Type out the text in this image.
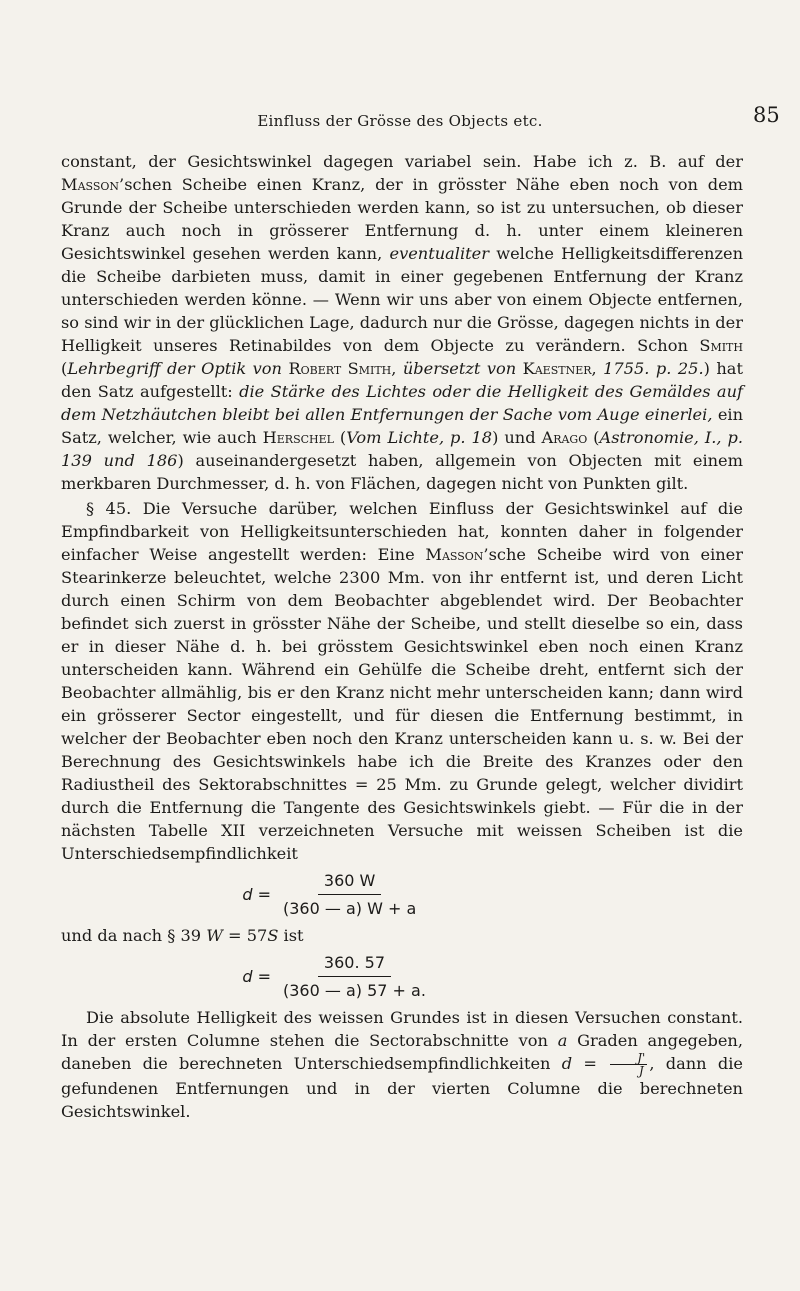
Einfluss der Grösse des Objects etc.	85

constant, der Gesichtswinkel dagegen variabel sein. Habe ich z. B. auf der Masson’schen Scheibe einen Kranz, der in grösster Nähe eben noch von dem Grunde der Scheibe unterschieden werden kann, so ist zu untersuchen, ob dieser Kranz auch noch in grösserer Entfernung d. h. unter einem kleineren Gesichtswinkel gesehen werden kann, eventualiter welche Helligkeitsdifferenzen die Scheibe darbieten muss, damit in einer gegebenen Entfernung der Kranz unterschieden werden könne. — Wenn wir uns aber von einem Objecte entfernen, so sind wir in der glücklichen Lage, dadurch nur die Grösse, dagegen nichts in der Helligkeit unseres Retinabildes von dem Objecte zu verändern. Schon Smith (Lehrbegriff der Optik von Robert Smith, übersetzt von Kaestner, 1755. p. 25.) hat den Satz aufgestellt: die Stärke des Lichtes oder die Helligkeit des Gemäldes auf dem Netzhäutchen bleibt bei allen Entfernungen der Sache vom Auge einerlei, ein Satz, welcher, wie auch Herschel (Vom Lichte, p. 18) und Arago (Astronomie, I., p. 139 und 186) auseinandergesetzt haben, allgemein von Objecten mit einem merkbaren Durchmesser, d. h. von Flächen, dagegen nicht von Punkten gilt.

§ 45. Die Versuche darüber, welchen Einfluss der Gesichtswinkel auf die Empfindbarkeit von Helligkeitsunterschieden hat, konnten daher in folgender einfacher Weise angestellt werden: Eine Masson’sche Scheibe wird von einer Stearinkerze beleuchtet, welche 2300 Mm. von ihr entfernt ist, und deren Licht durch einen Schirm von dem Beobachter abgeblendet wird. Der Beobachter befindet sich zuerst in grösster Nähe der Scheibe, und stellt dieselbe so ein, dass er in dieser Nähe d. h. bei grösstem Gesichtswinkel eben noch einen Kranz unterscheiden kann. Während ein Gehülfe die Scheibe dreht, entfernt sich der Beobachter allmählig, bis er den Kranz nicht mehr unterscheiden kann; dann wird ein grösserer Sector eingestellt, und für diesen die Entfernung bestimmt, in welcher der Beobachter eben noch den Kranz unterscheiden kann u. s. w. Bei der Berechnung des Gesichtswinkels habe ich die Breite des Kranzes oder den Radiustheil des Sektorabschnittes = 25 Mm. zu Grunde gelegt, welcher dividirt durch die Entfernung die Tangente des Gesichtswinkels giebt. — Für die in der nächsten Tabelle XII verzeichneten Versuche mit weissen Scheiben ist die Unterschiedsempfindlichkeit

$d = \frac{360 W}{(360 — a) W + a}$

und da nach § 39 W = 57S ist

$d = \frac{360. 57}{(360 — a) 57 + a.}$

Die absolute Helligkeit des weissen Grundes ist in diesen Versuchen constant. In der ersten Columne stehen die Sectorabschnitte von a Graden angegeben, daneben die berechneten Unterschiedsempfindlichkeiten $d = \frac{J'}{J}$ , dann die gefundenen Entfernungen und in der vierten Columne die berechneten Gesichtswinkel.
